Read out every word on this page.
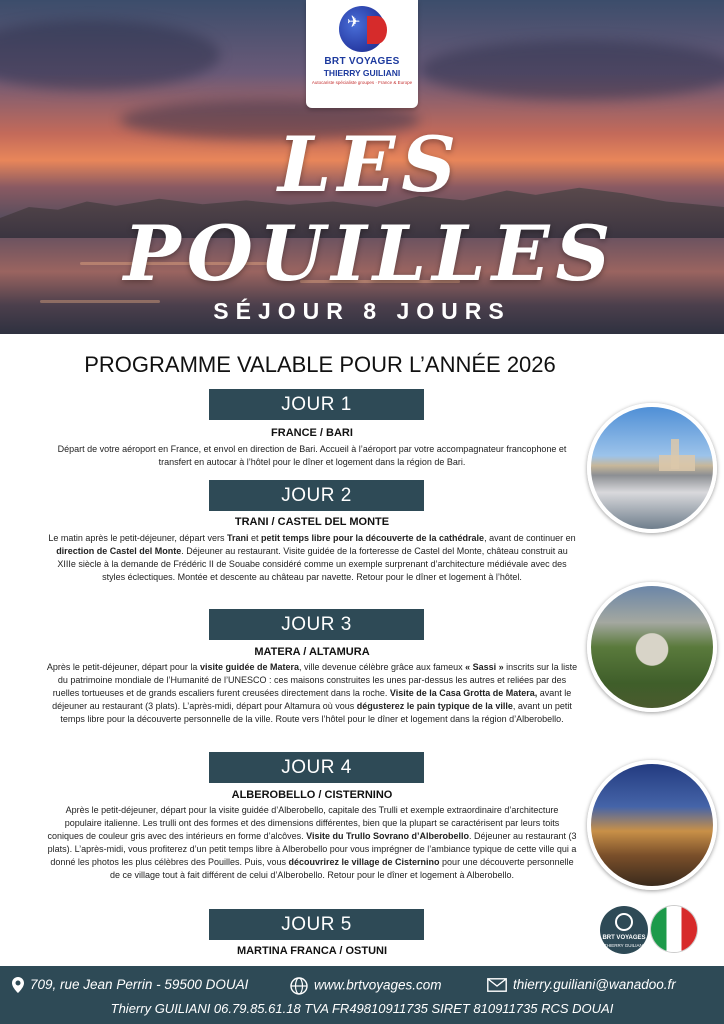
✈
BRT VOYAGES
THIERRY GUILIANI
Autocariste spécialiste groupes · France & Europe
LES POUILLES
SÉJOUR 8 JOURS
PROGRAMME VALABLE POUR L’ANNÉE 2026
JOUR 1
FRANCE / BARI
Départ de votre aéroport en France, et envol en direction de Bari. Accueil à l’aéroport par votre accompagnateur francophone et transfert en autocar à l’hôtel pour le dîner et logement dans la région de Bari.
JOUR 2
TRANI / CASTEL DEL MONTE
Le matin après le petit-déjeuner, départ vers Trani et petit temps libre pour la découverte de la cathédrale, avant de continuer en direction de Castel del Monte. Déjeuner au restaurant. Visite guidée de la forteresse de Castel del Monte, château construit au XIIIe siècle à la demande de Frédéric II de Souabe considéré comme un exemple surprenant d’architecture médiévale avec des styles éclectiques. Montée et descente au château par navette. Retour pour le dîner et logement à l’hôtel.
JOUR 3
MATERA / ALTAMURA
Après le petit-déjeuner, départ pour la visite guidée de Matera, ville devenue célèbre grâce aux fameux « Sassi » inscrits sur la liste du patrimoine mondiale de l’Humanité de l’UNESCO : ces maisons construites les unes par-dessus les autres et reliées par des ruelles tortueuses et de grands escaliers furent creusées directement dans la roche. Visite de la Casa Grotta de Matera, avant le déjeuner au restaurant (3 plats). L’après-midi, départ pour Altamura où vous dégusterez le pain typique de la ville, avant un petit temps libre pour la découverte personnelle de la ville. Route vers l’hôtel pour le dîner et logement dans la région d’Alberobello.
JOUR 4
ALBEROBELLO / CISTERNINO
Après le petit-déjeuner, départ pour la visite guidée d’Alberobello, capitale des Trulli et exemple extraordinaire d’architecture populaire italienne. Les trulli ont des formes et des dimensions différentes, bien que la plupart se caractérisent par leurs toits coniques de couleur gris avec des intérieurs en forme d’alcôves. Visite du Trullo Sovrano d’Alberobello. Déjeuner au restaurant (3 plats). L’après-midi, vous profiterez d’un petit temps libre à Alberobello pour vous imprégner de l’ambiance typique de cette ville qui a donné les photos les plus célèbres des Pouilles. Puis, vous découvrirez le village de Cisternino pour une découverte personnelle de ce village tout à fait différent de celui d’Alberobello. Retour pour le dîner et logement à Alberobello.
JOUR 5
MARTINA FRANCA / OSTUNI
BRT VOYAGES
THIERRY GUILIANI
709, rue Jean Perrin - 59500 DOUAI	www.brtvoyages.com	thierry.guiliani@wanadoo.fr
Thierry GUILIANI 06.79.85.61.18 TVA FR49810911735 SIRET 810911735 RCS DOUAI
